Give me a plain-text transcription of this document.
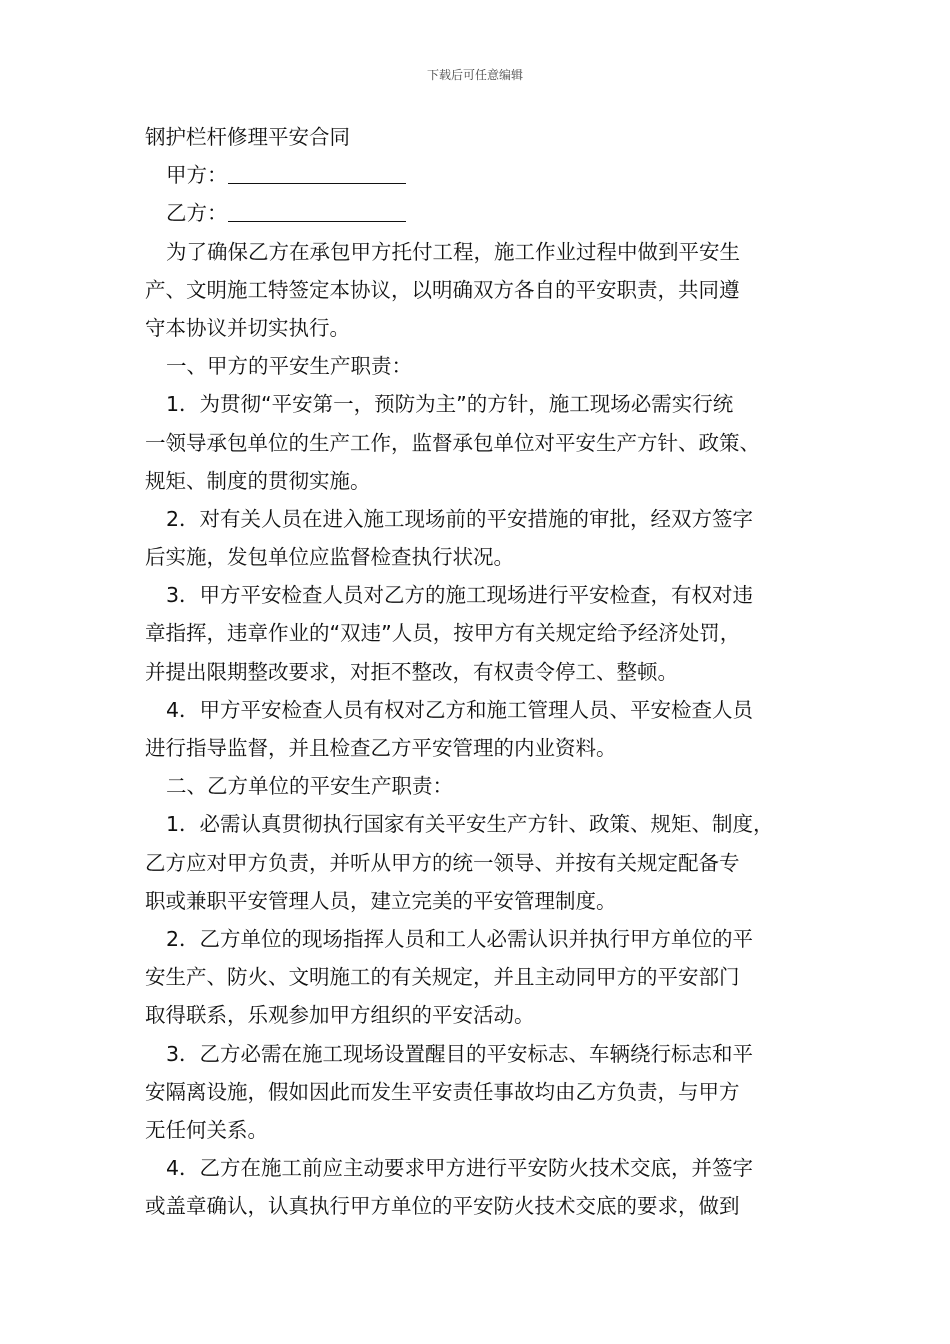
下载后可任意编辑
钢护栏杆修理平安合同
甲方：
乙方：
为了确保乙方在承包甲方托付工程，施工作业过程中做到平安生
产、文明施工特签定本协议，以明确双方各自的平安职责，共同遵
守本协议并切实执行。
一、甲方的平安生产职责：
1．为贯彻“平安第一，预防为主”的方针，施工现场必需实行统
一领导承包单位的生产工作，监督承包单位对平安生产方针、政策、
规矩、制度的贯彻实施。
2．对有关人员在进入施工现场前的平安措施的审批，经双方签字
后实施，发包单位应监督检查执行状况。
3．甲方平安检查人员对乙方的施工现场进行平安检查，有权对违
章指挥，违章作业的“双违”人员，按甲方有关规定给予经济处罚，
并提出限期整改要求，对拒不整改，有权责令停工、整顿。
4．甲方平安检查人员有权对乙方和施工管理人员、平安检查人员
进行指导监督，并且检查乙方平安管理的内业资料。
二、乙方单位的平安生产职责：
1．必需认真贯彻执行国家有关平安生产方针、政策、规矩、制度，
乙方应对甲方负责，并听从甲方的统一领导、并按有关规定配备专
职或兼职平安管理人员，建立完美的平安管理制度。
2．乙方单位的现场指挥人员和工人必需认识并执行甲方单位的平
安生产、防火、文明施工的有关规定，并且主动同甲方的平安部门
取得联系，乐观参加甲方组织的平安活动。
3．乙方必需在施工现场设置醒目的平安标志、车辆绕行标志和平
安隔离设施，假如因此而发生平安责任事故均由乙方负责，与甲方
无任何关系。
4．乙方在施工前应主动要求甲方进行平安防火技术交底，并签字
或盖章确认，认真执行甲方单位的平安防火技术交底的要求，做到
